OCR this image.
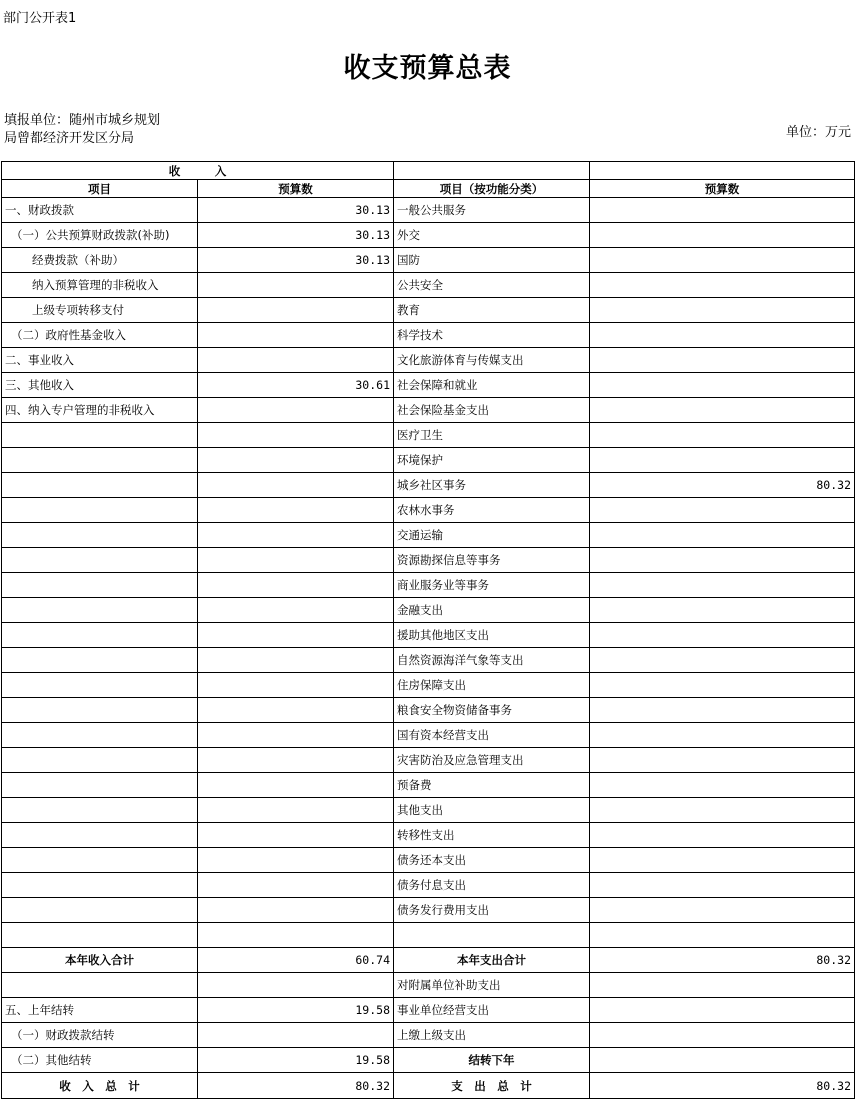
部门公开表1
收支预算总表
填报单位：随州市城乡规划
局曾都经济开发区分局	单位：万元
收　　　入			
项目	预算数	项目（按功能分类）	预算数
一、财政拨款	30.13	一般公共服务	
（一）公共预算财政拨款(补助)	30.13	外交	
经费拨款（补助）	30.13	国防	
纳入预算管理的非税收入		公共安全	
上级专项转移支付		教育	
（二）政府性基金收入		科学技术	
二、事业收入		文化旅游体育与传媒支出	
三、其他收入	30.61	社会保障和就业	
四、纳入专户管理的非税收入		社会保险基金支出	
		医疗卫生	
		环境保护	
		城乡社区事务	80.32
		农林水事务	
		交通运输	
		资源勘探信息等事务	
		商业服务业等事务	
		金融支出	
		援助其他地区支出	
		自然资源海洋气象等支出	
		住房保障支出	
		粮食安全物资储备事务	
		国有资本经营支出	
		灾害防治及应急管理支出	
		预备费	
		其他支出	
		转移性支出	
		债务还本支出	
		债务付息支出	
		债务发行费用支出	

本年收入合计	60.74	本年支出合计	80.32
		对附属单位补助支出	
五、上年结转	19.58	事业单位经营支出	
（一）财政拨款结转		上缴上级支出	
（二）其他结转	19.58	结转下年	
收　入　总　计	80.32	支　出　总　计	80.32
